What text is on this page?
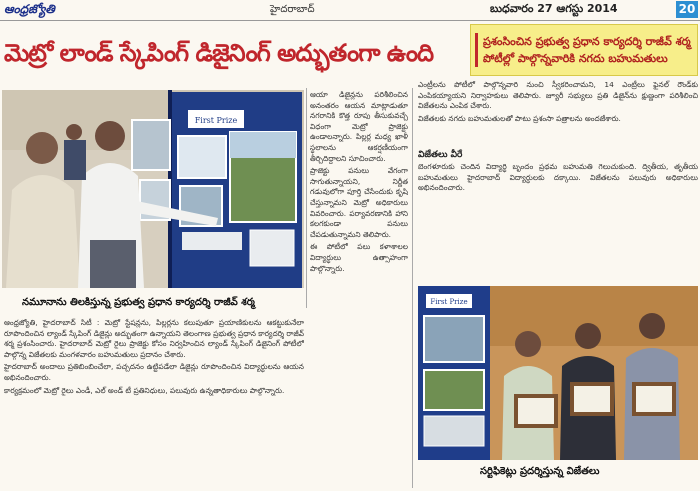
ఆంధ్రజ్యోతి	హైదరాబాద్	బుధవారం 27 ఆగస్టు 2014	20
మెట్రో లాండ్ స్కేపింగ్ డిజైనింగ్ అద్భుతంగా ఉంది	ప్రశంసించిన ప్రభుత్వ ప్రధాన కార్యదర్శి రాజీవ్ శర్మ
పోటీల్లో పాల్గొన్నవారికి నగదు బహుమతులు
First Prize
నమూనాను తిలకిస్తున్న ప్రభుత్వ ప్రధాన కార్యదర్శి రాజీవ్ శర్మ

ఆయా డిజైన్లను పరిశీలించిన అనంతరం ఆయన మాట్లాడుతూ నగరానికి కొత్త రూపు తీసుకువచ్చే విధంగా మెట్రో ప్రాజెక్టు ఉండాలన్నారు. పిల్లర్ల మధ్య ఖాళీ స్థలాలను ఆకర్షణీయంగా తీర్చిదిద్దాలని సూచించారు.

ప్రాజెక్టు పనులు వేగంగా సాగుతున్నాయని, నిర్ణీత గడువులోగా పూర్తి చేసేందుకు కృషి చేస్తున్నామని మెట్రో అధికారులు వివరించారు. పర్యావరణానికి హాని కలగకుండా పనులు చేపడుతున్నామని తెలిపారు.

ఈ పోటీలో పలు కళాశాలల విద్యార్థులు ఉత్సాహంగా పాల్గొన్నారు.

ఆంధ్రజ్యోతి, హైదరాబాద్ సిటీ : మెట్రో స్టేషన్లను, పిల్లర్లను కలుపుతూ ప్రయాణికులను ఆకట్టుకునేలా రూపొందించిన ల్యాండ్ స్కేపింగ్ డిజైన్లు అద్భుతంగా ఉన్నాయని తెలంగాణ ప్రభుత్వ ప్రధాన కార్యదర్శి రాజీవ్ శర్మ ప్రశంసించారు. హైదరాబాద్ మెట్రో రైలు ప్రాజెక్టు కోసం నిర్వహించిన ల్యాండ్ స్కేపింగ్ డిజైనింగ్ పోటీలో పాల్గొన్న విజేతలకు మంగళవారం బహుమతులు ప్రదానం చేశారు.

హైదరాబాద్ అందాలు ప్రతిబింబించేలా, పచ్చదనం ఉట్టిపడేలా డిజైన్లు రూపొందించిన విద్యార్థులను ఆయన అభినందించారు.

కార్యక్రమంలో మెట్రో రైలు ఎండీ, ఎల్ అండ్ టీ ప్రతినిధులు, పలువురు ఉన్నతాధికారులు పాల్గొన్నారు.

ఎంట్రీలను పోటీలో పాల్గొన్నవారి నుంచి స్వీకరించామని, 14 ఎంట్రీలు ఫైనల్ రౌండ్‌కు ఎంపికయ్యాయని నిర్వాహకులు తెలిపారు. జ్యూరీ సభ్యులు ప్రతి డిజైన్‌ను క్షుణ్ణంగా పరిశీలించి విజేతలను ఎంపిక చేశారు.

విజేతలకు నగదు బహుమతులతో పాటు ప్రశంసా పత్రాలను అందజేశారు.

విజేతలు వీరే

బెంగళూరుకు చెందిన విద్యార్థి బృందం ప్రథమ బహుమతి గెలుచుకుంది. ద్వితీయ, తృతీయ బహుమతులు హైదరాబాద్ విద్యార్థులకు దక్కాయి. విజేతలను పలువురు అధికారులు అభినందించారు.

First Prize
సర్టిఫికెట్లు ప్రదర్శిస్తున్న విజేతలు
